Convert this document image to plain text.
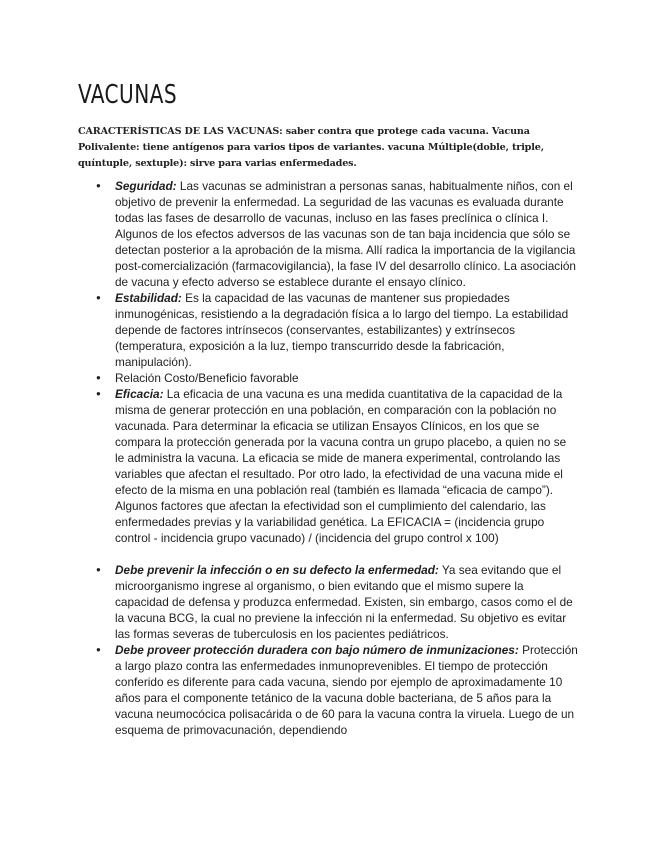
VACUNAS

CARACTERÍSTICAS DE LAS VACUNAS: saber contra que protege cada vacuna. Vacuna Polivalente: tiene antígenos para varios tipos de variantes. vacuna Múltiple(doble, triple, quíntuple, sextuple): sirve para varias enfermedades.

● Seguridad: Las vacunas se administran a personas sanas, habitualmente niños, con el objetivo de prevenir la enfermedad. La seguridad de las vacunas es evaluada durante todas las fases de desarrollo de vacunas, incluso en las fases preclínica o clínica I. Algunos de los efectos adversos de las vacunas son de tan baja incidencia que sólo se detectan posterior a la aprobación de la misma. Allí radica la importancia de la vigilancia post-comercialización (farmacovigilancia), la fase IV del desarrollo clínico. La asociación de vacuna y efecto adverso se establece durante el ensayo clínico.
● Estabilidad: Es la capacidad de las vacunas de mantener sus propiedades inmunogénicas, resistiendo a la degradación física a lo largo del tiempo. La estabilidad depende de factores intrínsecos (conservantes, estabilizantes) y extrínsecos (temperatura, exposición a la luz, tiempo transcurrido desde la fabricación, manipulación).
● Relación Costo/Beneficio favorable
● Eficacia: La eficacia de una vacuna es una medida cuantitativa de la capacidad de la misma de generar protección en una población, en comparación con la población no vacunada. Para determinar la eficacia se utilizan Ensayos Clínicos, en los que se compara la protección generada por la vacuna contra un grupo placebo, a quien no se le administra la vacuna. La eficacia se mide de manera experimental, controlando las variables que afectan el resultado. Por otro lado, la efectividad de una vacuna mide el efecto de la misma en una población real (también es llamada “eficacia de campo”). Algunos factores que afectan la efectividad son el cumplimiento del calendario, las enfermedades previas y la variabilidad genética. La EFICACIA = (incidencia grupo control - incidencia grupo vacunado) / (incidencia del grupo control x 100)
● Debe prevenir la infección o en su defecto la enfermedad: Ya sea evitando que el microorganismo ingrese al organismo, o bien evitando que el mismo supere la capacidad de defensa y produzca enfermedad. Existen, sin embargo, casos como el de la vacuna BCG, la cual no previene la infección ni la enfermedad. Su objetivo es evitar las formas severas de tuberculosis en los pacientes pediátricos.
● Debe proveer protección duradera con bajo número de inmunizaciones: Protección a largo plazo contra las enfermedades inmunoprevenibles. El tiempo de protección conferido es diferente para cada vacuna, siendo por ejemplo de aproximadamente 10 años para el componente tetánico de la vacuna doble bacteriana, de 5 años para la vacuna neumocócica polisacárida o de 60 para la vacuna contra la viruela. Luego de un esquema de primovacunación, dependiendo
